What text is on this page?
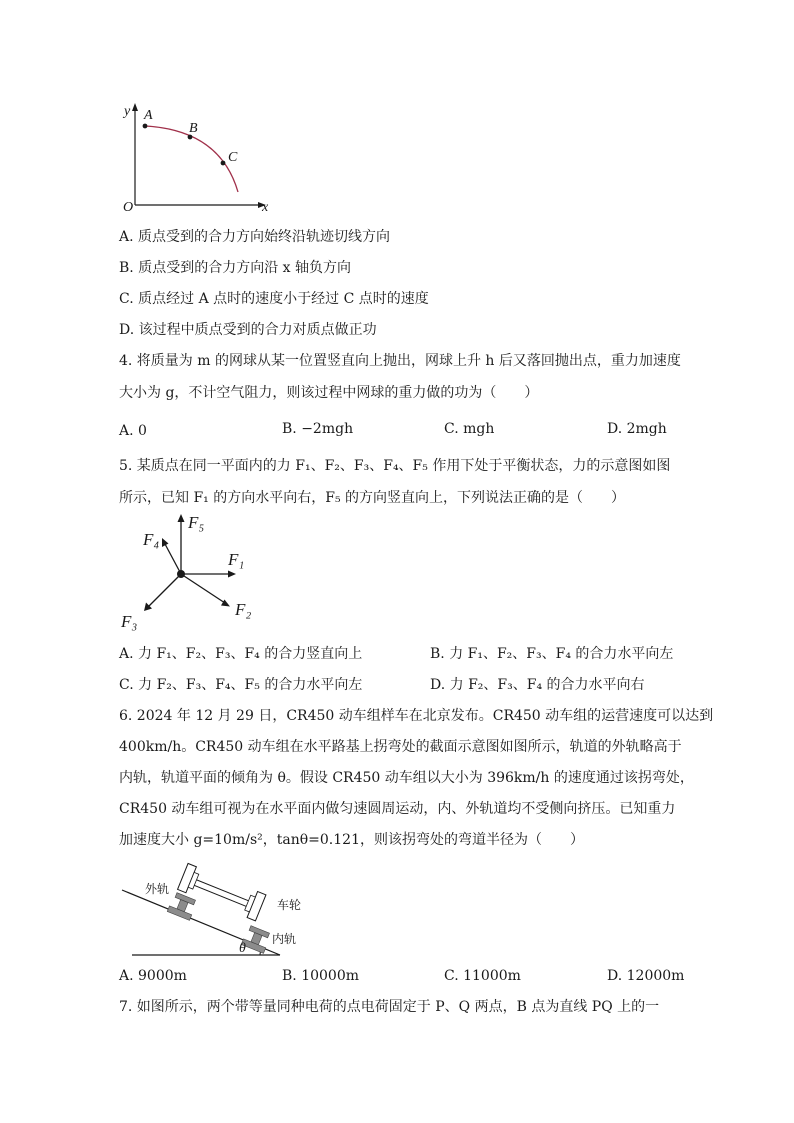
y A
B
C
O	x
A. 质点受到的合力方向始终沿轨迹切线方向
B. 质点受到的合力方向沿 x 轴负方向
C. 质点经过 A 点时的速度小于经过 C 点时的速度
D. 该过程中质点受到的合力对质点做正功
4. 将质量为 m 的网球从某一位置竖直向上抛出，网球上升 h 后又落回抛出点，重力加速度
大小为 g，不计空气阻力，则该过程中网球的重力做的功为（　　）
A. 0	B. −2mgh	C. mgh	D. 2mgh
5. 某质点在同一平面内的力 F₁、F₂、F₃、F₄、F₅ 作用下处于平衡状态，力的示意图如图
所示，已知 F₁ 的方向水平向右，F₅ 的方向竖直向上，下列说法正确的是（　　）
F₅
F₄
F₁
F₂
F₃
A. 力 F₁、F₂、F₃、F₄ 的合力竖直向上	B. 力 F₁、F₂、F₃、F₄ 的合力水平向左
C. 力 F₂、F₃、F₄、F₅ 的合力水平向左	D. 力 F₂、F₃、F₄ 的合力水平向右
6. 2024 年 12 月 29 日，CR450 动车组样车在北京发布。CR450 动车组的运营速度可以达到
400km/h。CR450 动车组在水平路基上拐弯处的截面示意图如图所示，轨道的外轨略高于
内轨，轨道平面的倾角为 θ。假设 CR450 动车组以大小为 396km/h 的速度通过该拐弯处，
CR450 动车组可视为在水平面内做匀速圆周运动，内、外轨道均不受侧向挤压。已知重力
加速度大小 g=10m/s²，tanθ=0.121，则该拐弯处的弯道半径为（　　）
外轨
车轮
内轨
θ
A. 9000m	B. 10000m	C. 11000m	D. 12000m
7. 如图所示，两个带等量同种电荷的点电荷固定于 P、Q 两点，B 点为直线 PQ 上的一
